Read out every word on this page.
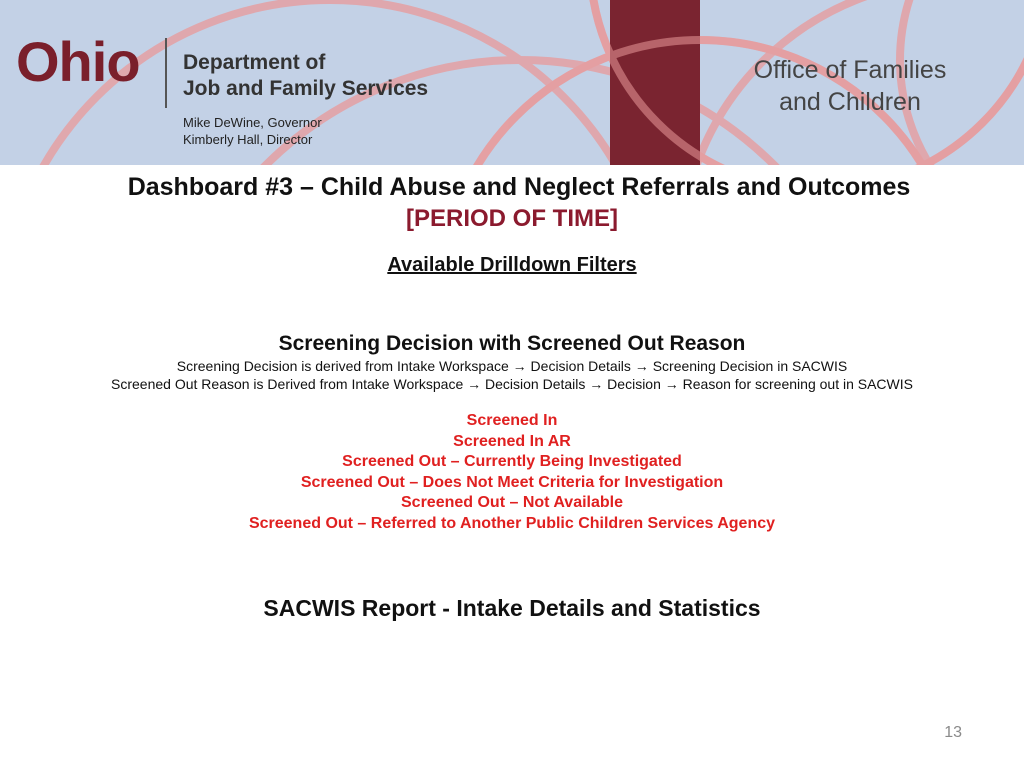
Ohio Department of
Job and Family Services
Mike DeWine, Governor
Kimberly Hall, Director
Office of Families
and Children
Dashboard #3 – Child Abuse and Neglect Referrals and Outcomes
[PERIOD OF TIME]
Available Drilldown Filters
Screening Decision with Screened Out Reason
Screening Decision is derived from Intake Workspace → Decision Details → Screening Decision in SACWIS
Screened Out Reason is Derived from Intake Workspace → Decision Details → Decision → Reason for screening out in SACWIS
Screened In
Screened In AR
Screened Out – Currently Being Investigated
Screened Out – Does Not Meet Criteria for Investigation
Screened Out – Not Available
Screened Out – Referred to Another Public Children Services Agency
SACWIS Report - Intake Details and Statistics
13
